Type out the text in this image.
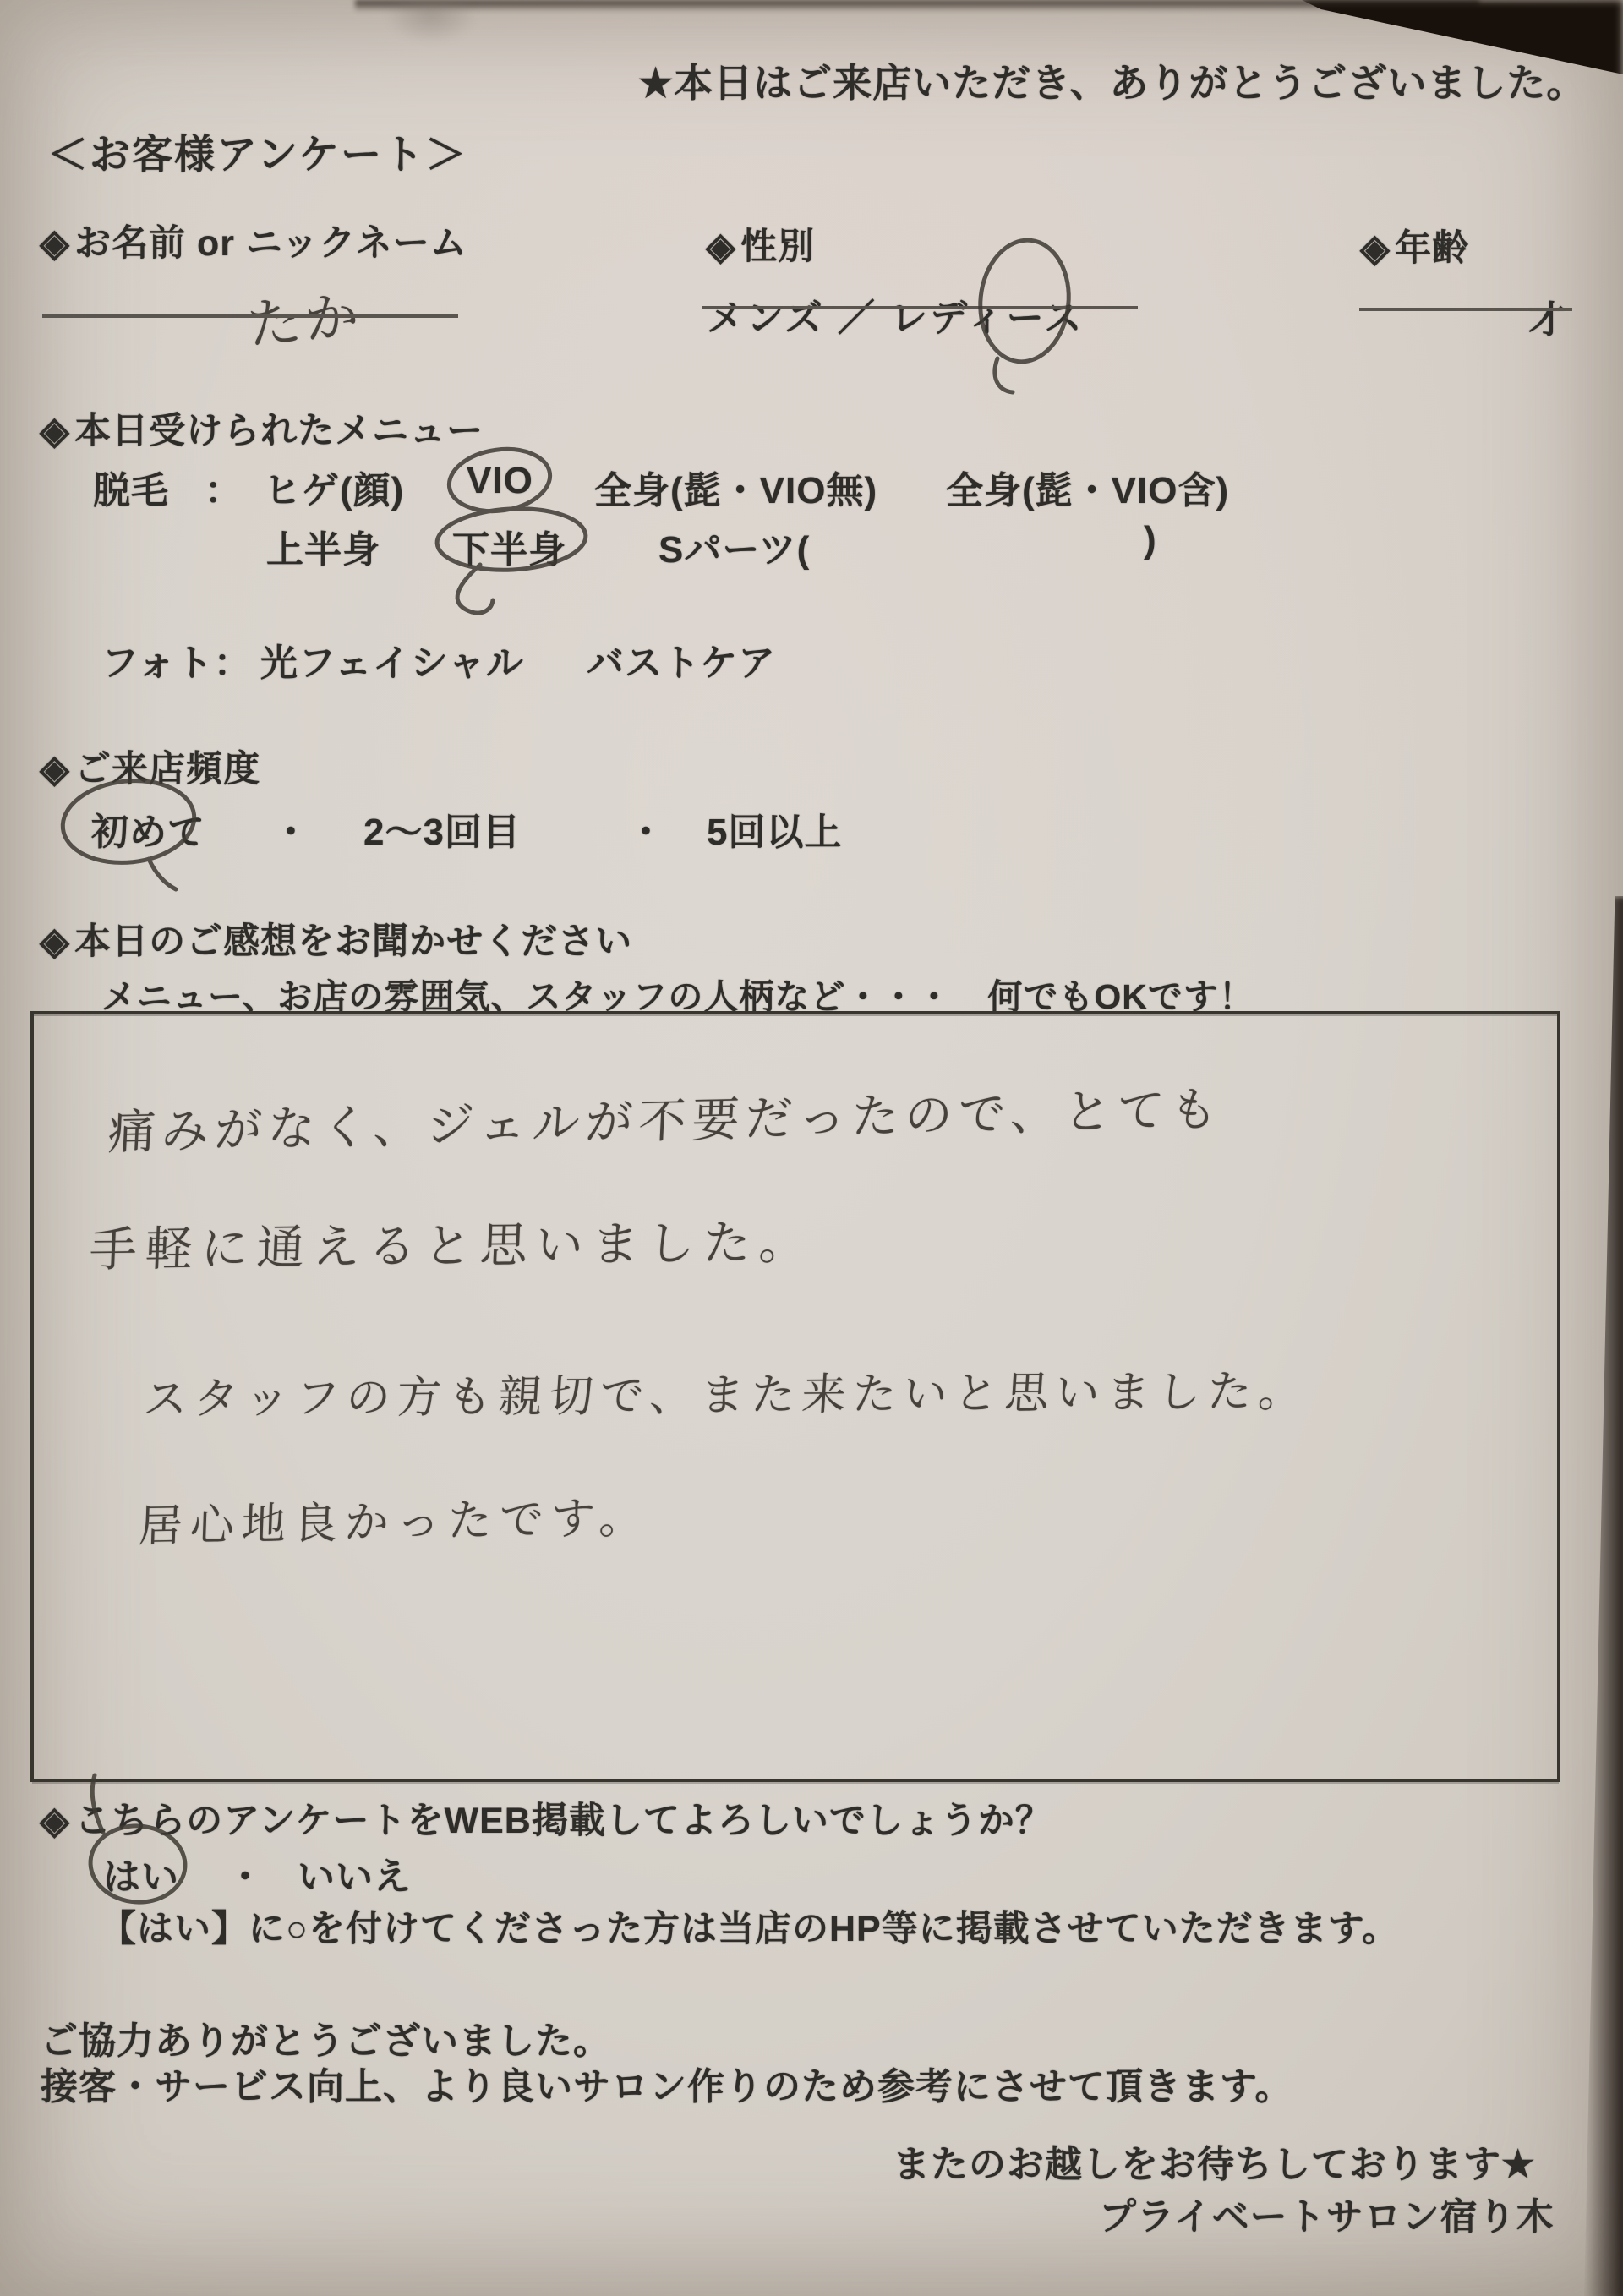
★本日はご来店いただき、ありがとうございました。
＜お客様アンケート＞
◈ お名前 or ニックネーム
たか
◈ 性別
メンズ ／ レディース
◈ 年齢
才
◈ 本日受けられたメニュー
脱毛 ： ヒゲ(顔) VIO 全身(髭・VIO無) 全身(髭・VIO含)
上半身 下半身 Sパーツ(	)
フォト： 光フェイシャル バストケア
◈ ご来店頻度
初めて ・ 2～3回目	・ 5回以上
◈ 本日のご感想をお聞かせください
メニュー、お店の雰囲気、スタッフの人柄など・・・　何でもOKです！
痛みがなく、ジェルが不要だったので、とても
手軽に通えると思いました。
スタッフの方も親切で、また来たいと思いました。
居心地良かったです。
◈ こちらのアンケートをWEB掲載してよろしいでしょうか？
はい ・ いいえ
【はい】に○を付けてくださった方は当店のHP等に掲載させていただきます。
ご協力ありがとうございました。
接客・サービス向上、より良いサロン作りのため参考にさせて頂きます。
またのお越しをお待ちしております★
プライベートサロン宿り木
